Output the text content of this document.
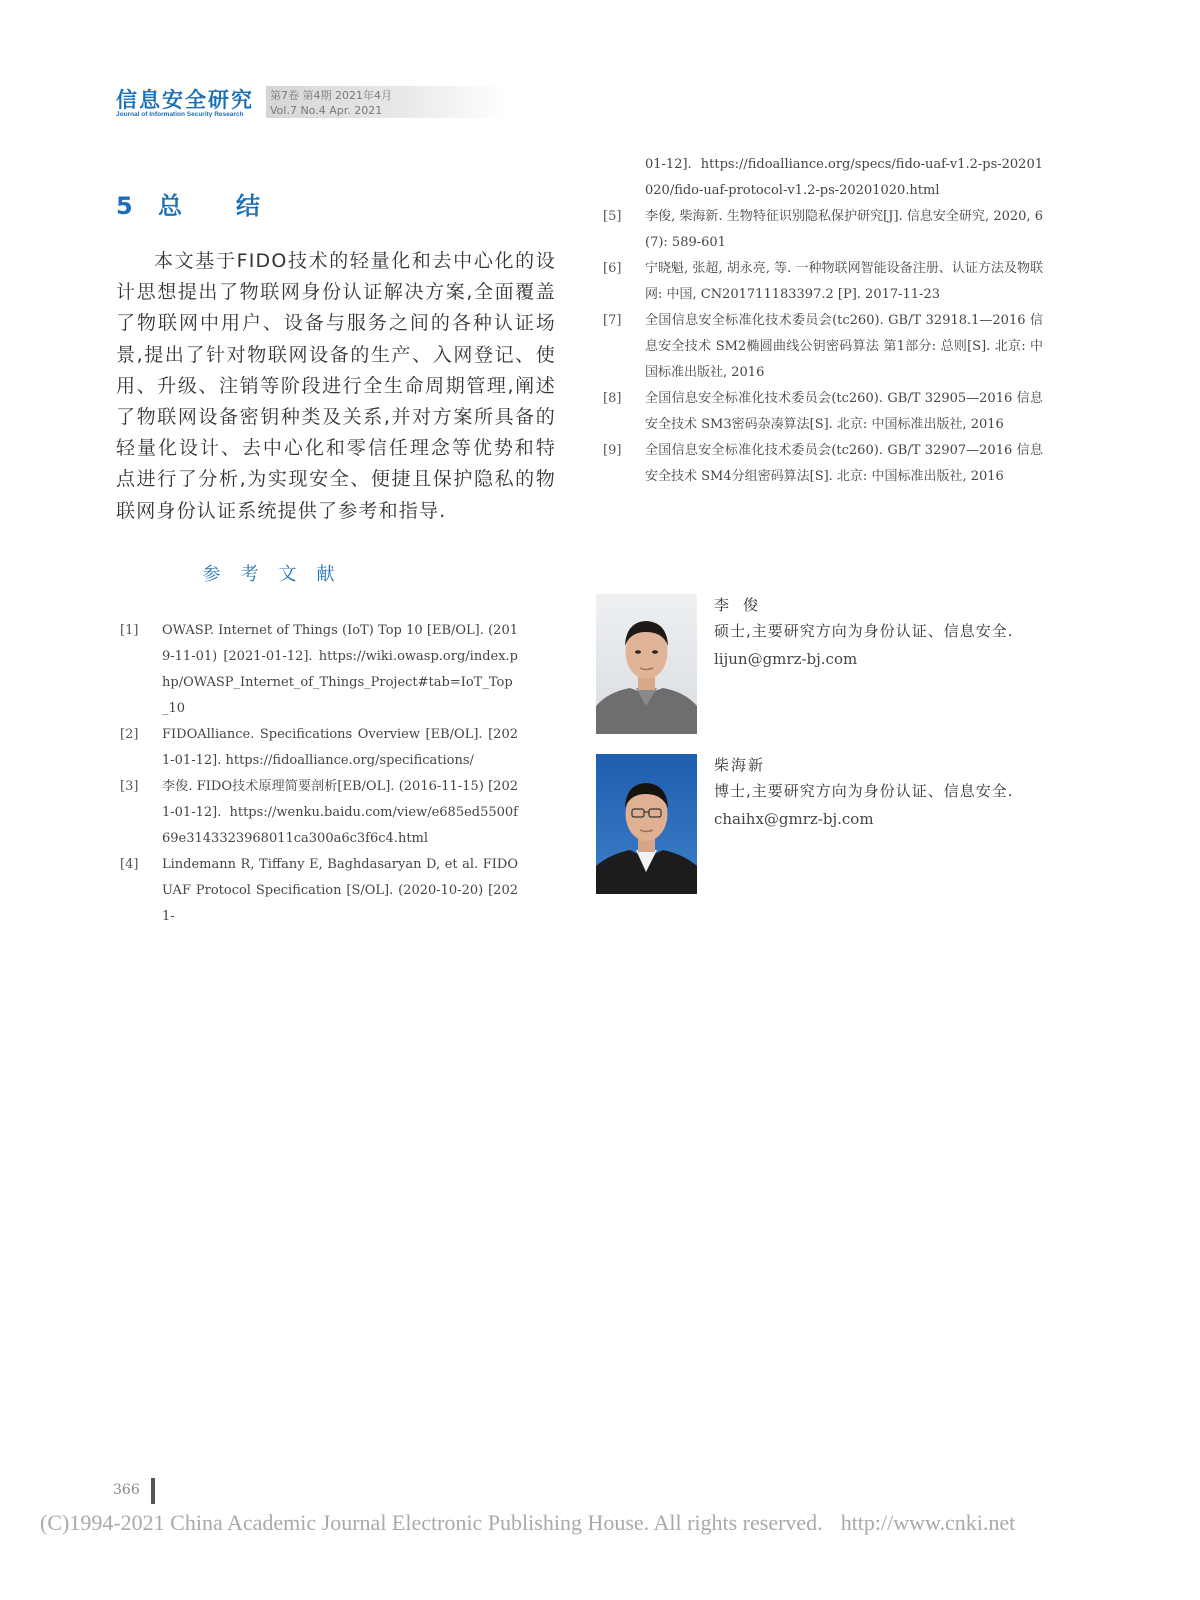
信息安全研究
Journal of Information Security Research
第7卷 第4期 2021年4月
Vol.7 No.4 Apr. 2021
5 总结
本文基于FIDO技术的轻量化和去中心化的设计思想提出了物联网身份认证解决方案,全面覆盖了物联网中用户、设备与服务之间的各种认证场景,提出了针对物联网设备的生产、入网登记、使用、升级、注销等阶段进行全生命周期管理,阐述了物联网设备密钥种类及关系,并对方案所具备的轻量化设计、去中心化和零信任理念等优势和特点进行了分析,为实现安全、便捷且保护隐私的物联网身份认证系统提供了参考和指导.
参考文献
[1] OWASP. Internet of Things (IoT) Top 10 [EB/OL]. (2019-11-01) [2021-01-12]. https://wiki.owasp.org/index.php/OWASP_Internet_of_Things_Project#tab=IoT_Top_10
[2] FIDOAlliance. Specifications Overview [EB/OL]. [2021-01-12]. https://fidoalliance.org/specifications/
[3] 李俊. FIDO技术原理简要剖析[EB/OL]. (2016-11-15) [2021-01-12]. https://wenku.baidu.com/view/e685ed5500f69e3143323968011ca300a6c3f6c4.html
[4] Lindemann R, Tiffany E, Baghdasaryan D, et al. FIDO UAF Protocol Specification [S/OL]. (2020-10-20) [2021-
01-12]. https://fidoalliance.org/specs/fido-uaf-v1.2-ps-20201020/fido-uaf-protocol-v1.2-ps-20201020.html
[5] 李俊, 柴海新. 生物特征识别隐私保护研究[J]. 信息安全研究, 2020, 6(7): 589-601
[6] 宁晓魁, 张超, 胡永亮, 等. 一种物联网智能设备注册、认证方法及物联网: 中国, CN201711183397.2 [P]. 2017-11-23
[7] 全国信息安全标准化技术委员会(tc260). GB/T 32918.1—2016 信息安全技术 SM2椭圆曲线公钥密码算法 第1部分: 总则[S]. 北京: 中国标准出版社, 2016
[8] 全国信息安全标准化技术委员会(tc260). GB/T 32905—2016 信息安全技术 SM3密码杂凑算法[S]. 北京: 中国标准出版社, 2016
[9] 全国信息安全标准化技术委员会(tc260). GB/T 32907—2016 信息安全技术 SM4分组密码算法[S]. 北京: 中国标准出版社, 2016
李俊
硕士,主要研究方向为身份认证、信息安全.
lijun@gmrz-bj.com
柴海新
博士,主要研究方向为身份认证、信息安全.
chaihx@gmrz-bj.com
366
(C)1994-2021 China Academic Journal Electronic Publishing House. All rights reserved. http://www.cnki.net
